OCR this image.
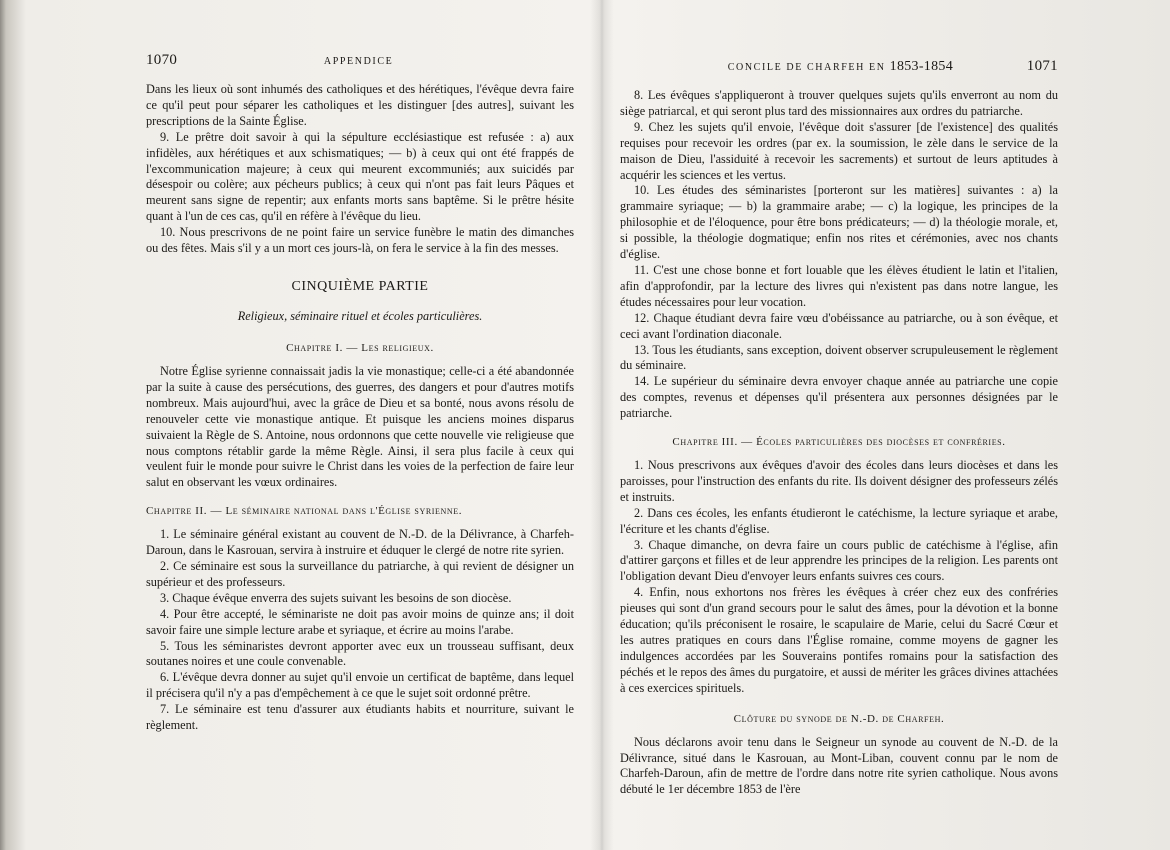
1070	APPENDICE

Dans les lieux où sont inhumés des catholiques et des hérétiques, l'évêque devra faire ce qu'il peut pour séparer les catholiques et les distinguer [des autres], suivant les prescriptions de la Sainte Église.

9. Le prêtre doit savoir à qui la sépulture ecclésiastique est refusée : a) aux infidèles, aux hérétiques et aux schismatiques; — b) à ceux qui ont été frappés de l'excommunication majeure; à ceux qui meurent excommuniés; aux suicidés par désespoir ou colère; aux pécheurs publics; à ceux qui n'ont pas fait leurs Pâques et meurent sans signe de repentir; aux enfants morts sans baptême. Si le prêtre hésite quant à l'un de ces cas, qu'il en réfère à l'évêque du lieu.

10. Nous prescrivons de ne point faire un service funèbre le matin des dimanches ou des fêtes. Mais s'il y a un mort ces jours-là, on fera le service à la fin des messes.

CINQUIÈME PARTIE
Religieux, séminaire rituel et écoles particulières.
Chapitre I. — Les religieux.

Notre Église syrienne connaissait jadis la vie monastique; celle-ci a été abandonnée par la suite à cause des persécutions, des guerres, des dangers et pour d'autres motifs nombreux. Mais aujourd'hui, avec la grâce de Dieu et sa bonté, nous avons résolu de renouveler cette vie monastique antique. Et puisque les anciens moines disparus suivaient la Règle de S. Antoine, nous ordonnons que cette nouvelle vie religieuse que nous comptons rétablir garde la même Règle. Ainsi, il sera plus facile à ceux qui veulent fuir le monde pour suivre le Christ dans les voies de la perfection de faire leur salut en observant les vœux ordinaires.

Chapitre II. — Le séminaire national dans l'Église syrienne.

1. Le séminaire général existant au couvent de N.-D. de la Délivrance, à Charfeh-Daroun, dans le Kasrouan, servira à instruire et éduquer le clergé de notre rite syrien.

2. Ce séminaire est sous la surveillance du patriarche, à qui revient de désigner un supérieur et des professeurs.

3. Chaque évêque enverra des sujets suivant les besoins de son diocèse.

4. Pour être accepté, le séminariste ne doit pas avoir moins de quinze ans; il doit savoir faire une simple lecture arabe et syriaque, et écrire au moins l'arabe.

5. Tous les séminaristes devront apporter avec eux un trousseau suffisant, deux soutanes noires et une coule convenable.

6. L'évêque devra donner au sujet qu'il envoie un certificat de baptême, dans lequel il précisera qu'il n'y a pas d'empêchement à ce que le sujet soit ordonné prêtre.

7. Le séminaire est tenu d'assurer aux étudiants habits et nourriture, suivant le règlement.

CONCILE DE CHARFEH EN 1853-1854	1071

8. Les évêques s'appliqueront à trouver quelques sujets qu'ils enverront au nom du siège patriarcal, et qui seront plus tard des missionnaires aux ordres du patriarche.

9. Chez les sujets qu'il envoie, l'évêque doit s'assurer [de l'existence] des qualités requises pour recevoir les ordres (par ex. la soumission, le zèle dans le service de la maison de Dieu, l'assiduité à recevoir les sacrements) et surtout de leurs aptitudes à acquérir les sciences et les vertus.

10. Les études des séminaristes [porteront sur les matières] suivantes : a) la grammaire syriaque; — b) la grammaire arabe; — c) la logique, les principes de la philosophie et de l'éloquence, pour être bons prédicateurs; — d) la théologie morale, et, si possible, la théologie dogmatique; enfin nos rites et cérémonies, avec nos chants d'église.

11. C'est une chose bonne et fort louable que les élèves étudient le latin et l'italien, afin d'approfondir, par la lecture des livres qui n'existent pas dans notre langue, les études nécessaires pour leur vocation.

12. Chaque étudiant devra faire vœu d'obéissance au patriarche, ou à son évêque, et ceci avant l'ordination diaconale.

13. Tous les étudiants, sans exception, doivent observer scrupuleusement le règlement du séminaire.

14. Le supérieur du séminaire devra envoyer chaque année au patriarche une copie des comptes, revenus et dépenses qu'il présentera aux personnes désignées par le patriarche.

Chapitre III. — Écoles particulières des diocèses et confréries.

1. Nous prescrivons aux évêques d'avoir des écoles dans leurs diocèses et dans les paroisses, pour l'instruction des enfants du rite. Ils doivent désigner des professeurs zélés et instruits.

2. Dans ces écoles, les enfants étudieront le catéchisme, la lecture syriaque et arabe, l'écriture et les chants d'église.

3. Chaque dimanche, on devra faire un cours public de catéchisme à l'église, afin d'attirer garçons et filles et de leur apprendre les principes de la religion. Les parents ont l'obligation devant Dieu d'envoyer leurs enfants suivres ces cours.

4. Enfin, nous exhortons nos frères les évêques à créer chez eux des confréries pieuses qui sont d'un grand secours pour le salut des âmes, pour la dévotion et la bonne éducation; qu'ils préconisent le rosaire, le scapulaire de Marie, celui du Sacré Cœur et les autres pratiques en cours dans l'Église romaine, comme moyens de gagner les indulgences accordées par les Souverains pontifes romains pour la satisfaction des péchés et le repos des âmes du purgatoire, et aussi de mériter les grâces divines attachées à ces exercices spirituels.

Clôture du synode de N.-D. de Charfeh.

Nous déclarons avoir tenu dans le Seigneur un synode au couvent de N.-D. de la Délivrance, situé dans le Kasrouan, au Mont-Liban, couvent connu par le nom de Charfeh-Daroun, afin de mettre de l'ordre dans notre rite syrien catholique. Nous avons débuté le 1er décembre 1853 de l'ère
